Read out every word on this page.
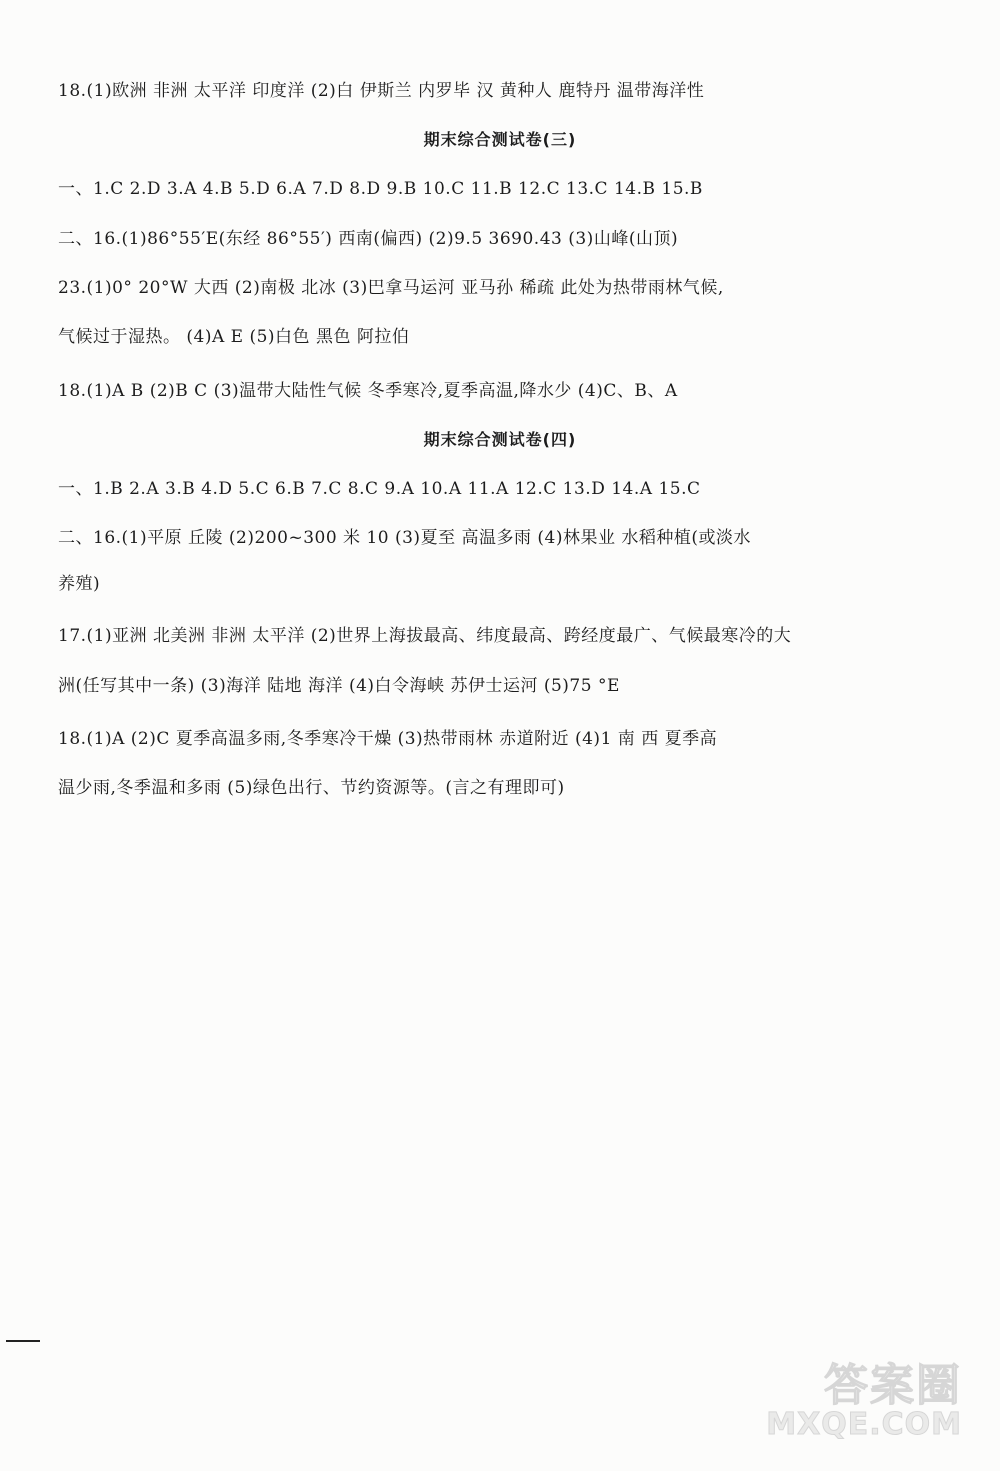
18.(1)欧洲 非洲 太平洋 印度洋 (2)白 伊斯兰 内罗毕 汉 黄种人 鹿特丹 温带海洋性
期末综合测试卷(三)
一、1.C 2.D 3.A 4.B 5.D 6.A 7.D 8.D 9.B 10.C 11.B 12.C 13.C 14.B 15.B
二、16.(1)86°55′E(东经 86°55′) 西南(偏西) (2)9.5 3690.43 (3)山峰(山顶)
23.(1)0° 20°W 大西 (2)南极 北冰 (3)巴拿马运河 亚马孙 稀疏 此处为热带雨林气候,
气候过于湿热。 (4)A E (5)白色 黑色 阿拉伯
18.(1)A B (2)B C (3)温带大陆性气候 冬季寒冷,夏季高温,降水少 (4)C、B、A
期末综合测试卷(四)
一、1.B 2.A 3.B 4.D 5.C 6.B 7.C 8.C 9.A 10.A 11.A 12.C 13.D 14.A 15.C
二、16.(1)平原 丘陵 (2)200~300 米 10 (3)夏至 高温多雨 (4)林果业 水稻种植(或淡水
养殖)
17.(1)亚洲 北美洲 非洲 太平洋 (2)世界上海拔最高、纬度最高、跨经度最广、气候最寒冷的大
洲(任写其中一条) (3)海洋 陆地 海洋 (4)白令海峡 苏伊士运河 (5)75 °E
18.(1)A (2)C 夏季高温多雨,冬季寒冷干燥 (3)热带雨林 赤道附近 (4)1 南 西 夏季高
温少雨,冬季温和多雨 (5)绿色出行、节约资源等。(言之有理即可)
答案圈
MXQE.COM
